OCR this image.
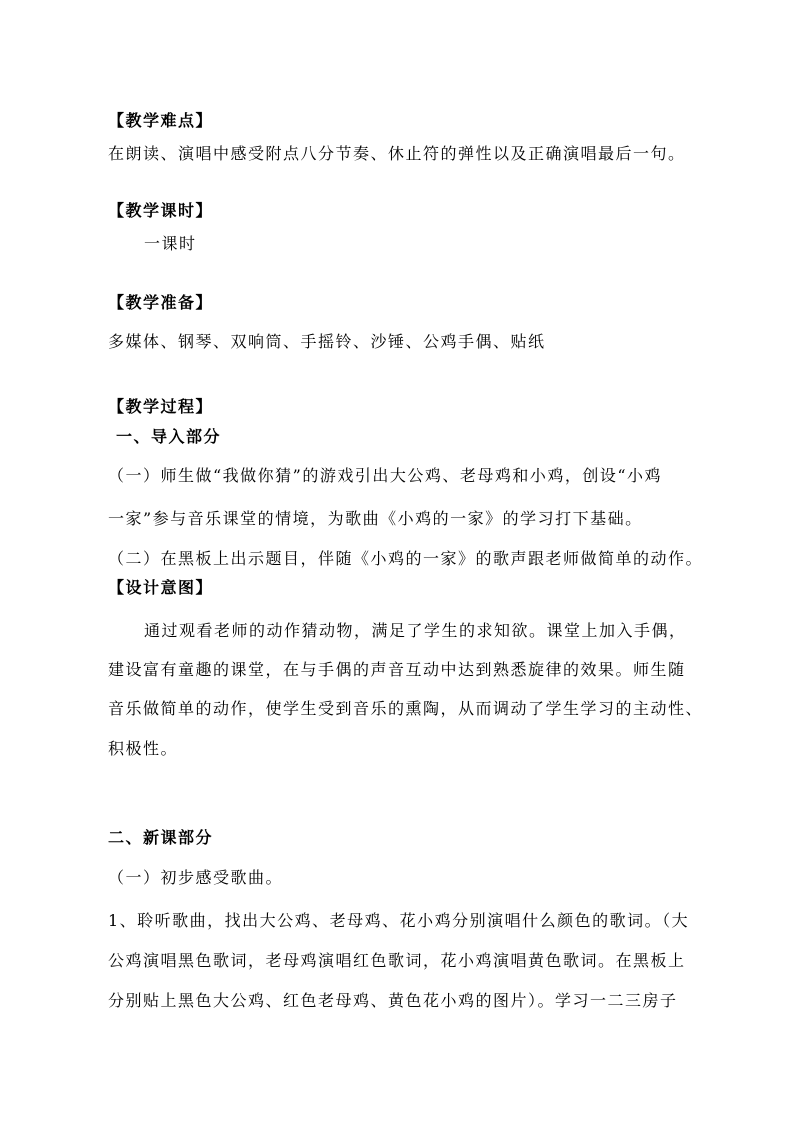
【教学难点】
在朗读、演唱中感受附点八分节奏、休止符的弹性以及正确演唱最后一句。
【教学课时】
一课时
【教学准备】
多媒体、钢琴、双响筒、手摇铃、沙锤、公鸡手偶、贴纸
【教学过程】
一、导入部分
（一）师生做“我做你猜”的游戏引出大公鸡、老母鸡和小鸡，创设“小鸡
一家”参与音乐课堂的情境，为歌曲《小鸡的一家》的学习打下基础。
（二）在黑板上出示题目，伴随《小鸡的一家》的歌声跟老师做简单的动作。
【设计意图】
通过观看老师的动作猜动物，满足了学生的求知欲。课堂上加入手偶，
建设富有童趣的课堂，在与手偶的声音互动中达到熟悉旋律的效果。师生随
音乐做简单的动作，使学生受到音乐的熏陶，从而调动了学生学习的主动性、
积极性。
二、新课部分
（一）初步感受歌曲。
1、聆听歌曲，找出大公鸡、老母鸡、花小鸡分别演唱什么颜色的歌词。（大
公鸡演唱黑色歌词，老母鸡演唱红色歌词，花小鸡演唱黄色歌词。在黑板上
分别贴上黑色大公鸡、红色老母鸡、黄色花小鸡的图片）。学习一二三房子
